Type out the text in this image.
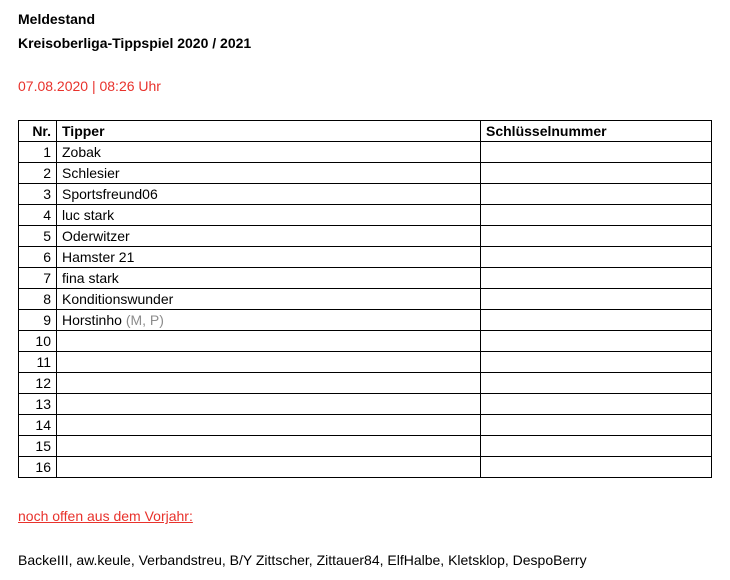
Meldestand
Kreisoberliga-Tippspiel 2020 / 2021
07.08.2020 | 08:26 Uhr
Nr.	Tipper	Schlüsselnummer
1	Zobak	
2	Schlesier	
3	Sportsfreund06	
4	luc stark	
5	Oderwitzer	
6	Hamster 21	
7	fina stark	
8	Konditionswunder	
9	Horstinho (M, P)	
10		
11		
12		
13		
14		
15		
16		
noch offen aus dem Vorjahr:
BackeIII, aw.keule, Verbandstreu, B/Y Zittscher, Zittauer84, ElfHalbe, Kletsklop, DespoBerry
